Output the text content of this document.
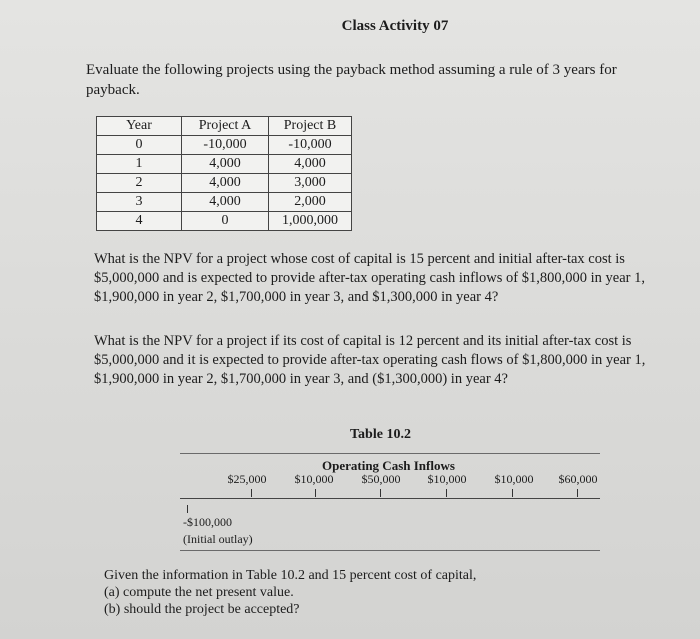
Class Activity 07
Evaluate the following projects using the payback method assuming a rule of 3 years for payback.
Year	Project A	Project B
0	-10,000	-10,000
1	4,000	4,000
2	4,000	3,000
3	4,000	2,000
4	0	1,000,000
What is the NPV for a project whose cost of capital is 15 percent and initial after-tax cost is $5,000,000 and is expected to provide after-tax operating cash inflows of $1,800,000 in year 1, $1,900,000 in year 2, $1,700,000 in year 3, and $1,300,000 in year 4?
What is the NPV for a project if its cost of capital is 12 percent and its initial after-tax cost is $5,000,000 and it is expected to provide after-tax operating cash flows of $1,800,000 in year 1, $1,900,000 in year 2, $1,700,000 in year 3, and ($1,300,000) in year 4?
Table 10.2
Operating Cash Inflows
$25,000	$10,000	$50,000	$10,000	$10,000	$60,000
-$100,000
(Initial outlay)
Given the information in Table 10.2 and 15 percent cost of capital,
(a) compute the net present value.
(b) should the project be accepted?
